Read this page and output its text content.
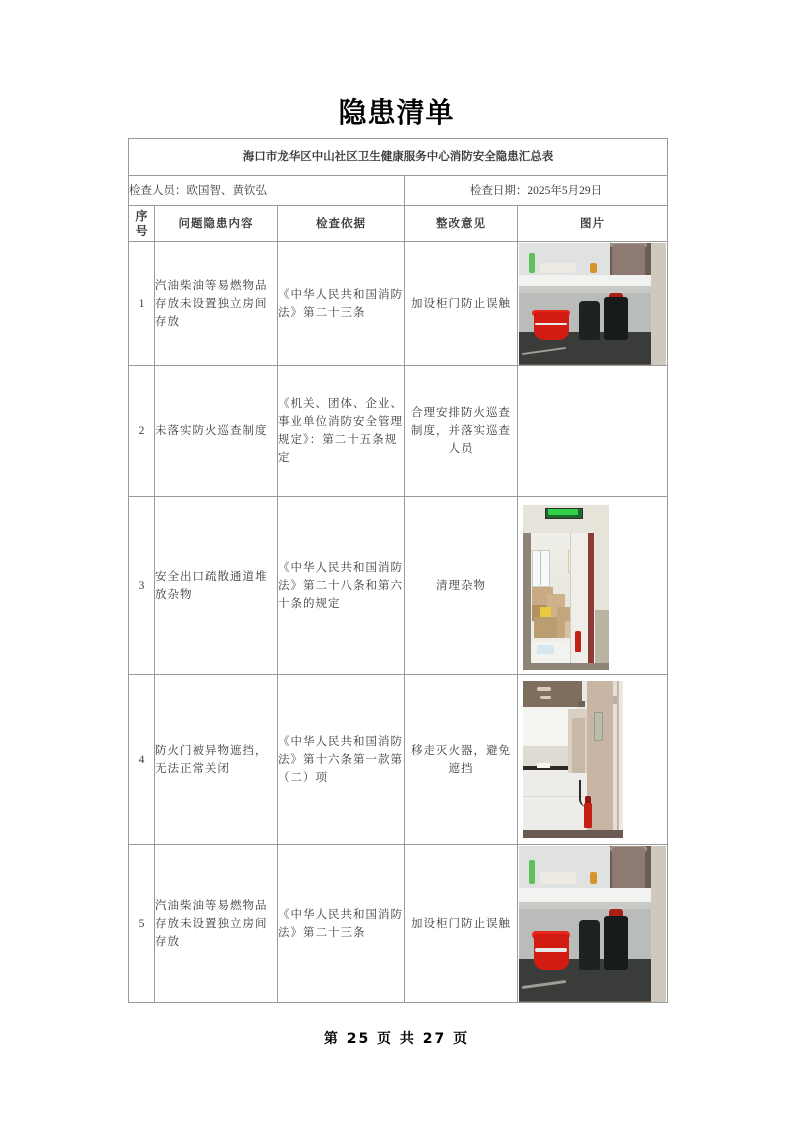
隐患清单
海口市龙华区中山社区卫生健康服务中心消防安全隐患汇总表				
检查人员：欧国智、黄钦弘			检查日期：2025年5月29日	

序
号	问题隐患内容	检查依据	整改意见	图片
1	汽油柴油等易燃物品存放未设置独立房间存放	《中华人民共和国消防法》第二十三条	加设柜门防止误触	

2	未落实防火巡查制度	《机关、团体、企业、事业单位消防安全管理规定》：第二十五条规定	合理安排防火巡查制度，并落实巡查人员	
3	安全出口疏散通道堆放杂物	《中华人民共和国消防法》第二十八条和第六十条的规定	清理杂物	

4	防火门被异物遮挡，无法正常关闭	《中华人民共和国消防法》第十六条第一款第（二）项	移走灭火器，避免遮挡	

5	汽油柴油等易燃物品存放未设置独立房间存放	《中华人民共和国消防法》第二十三条	加设柜门防止误触	
第 25 页 共 27 页
